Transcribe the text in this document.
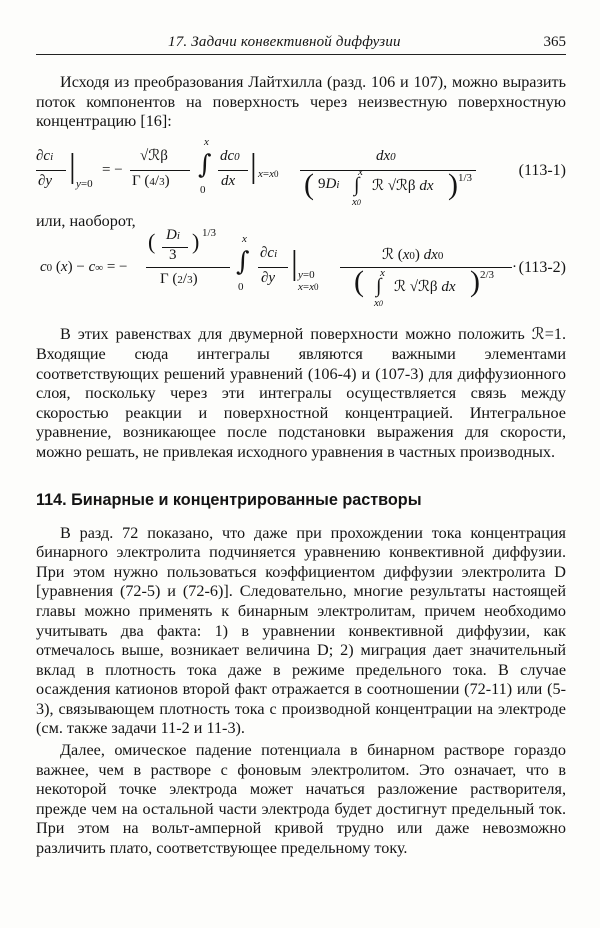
17. Задачи конвективной диффузии	365

Исходя из преобразования Лайтхилла (разд. 106 и 107), можно выразить поток компонентов на поверхность через неизвестную поверхностную концентрацию [16]:

∂ci
∂y | y=0
= −
√ℛβ
Γ (4/3)
x
∫
0
dc0
dx | x=x0
dx0
( 9Di
x
∫
x0
ℛ √ℛβ dx ) 1/3	(113-1)

или, наоборот,

c0 (x) − c∞ = −
( Di
3
) 1/3
Γ (2/3)
x
∫
0
∂ci
∂y | y=0
x=x0
ℛ (x0) dx0
( x
∫
x0
ℛ √ℛβ dx ) 2/3 · (113-2)

В этих равенствах для двумерной поверхности можно положить ℛ=1. Входящие сюда интегралы являются важными элементами соответствующих решений уравнений (106-4) и (107-3) для диффузионного слоя, поскольку через эти интегралы осуществляется связь между скоростью реакции и поверхностной концентрацией. Интегральное уравнение, возникающее после подстановки выражения для скорости, можно решать, не привлекая исходного уравнения в частных производных.

114. Бинарные и концентрированные растворы

В разд. 72 показано, что даже при прохождении тока концентрация бинарного электролита подчиняется уравнению конвективной диффузии. При этом нужно пользоваться коэффициентом диффузии электролита D [уравнения (72-5) и (72-6)]. Следовательно, многие результаты настоящей главы можно применять к бинарным электролитам, причем необходимо учитывать два факта: 1) в уравнении конвективной диффузии, как отмечалось выше, возникает величина D; 2) миграция дает значительный вклад в плотность тока даже в режиме предельного тока. В случае осаждения катионов второй факт отражается в соотношении (72-11) или (5-3), связывающем плотность тока с производной концентрации на электроде (см. также задачи 11-2 и 11-3).

Далее, омическое падение потенциала в бинарном растворе гораздо важнее, чем в растворе с фоновым электролитом. Это означает, что в некоторой точке электрода может начаться разложение растворителя, прежде чем на остальной части электрода будет достигнут предельный ток. При этом на вольт-амперной кривой трудно или даже невозможно различить плато, соответствующее предельному току.
